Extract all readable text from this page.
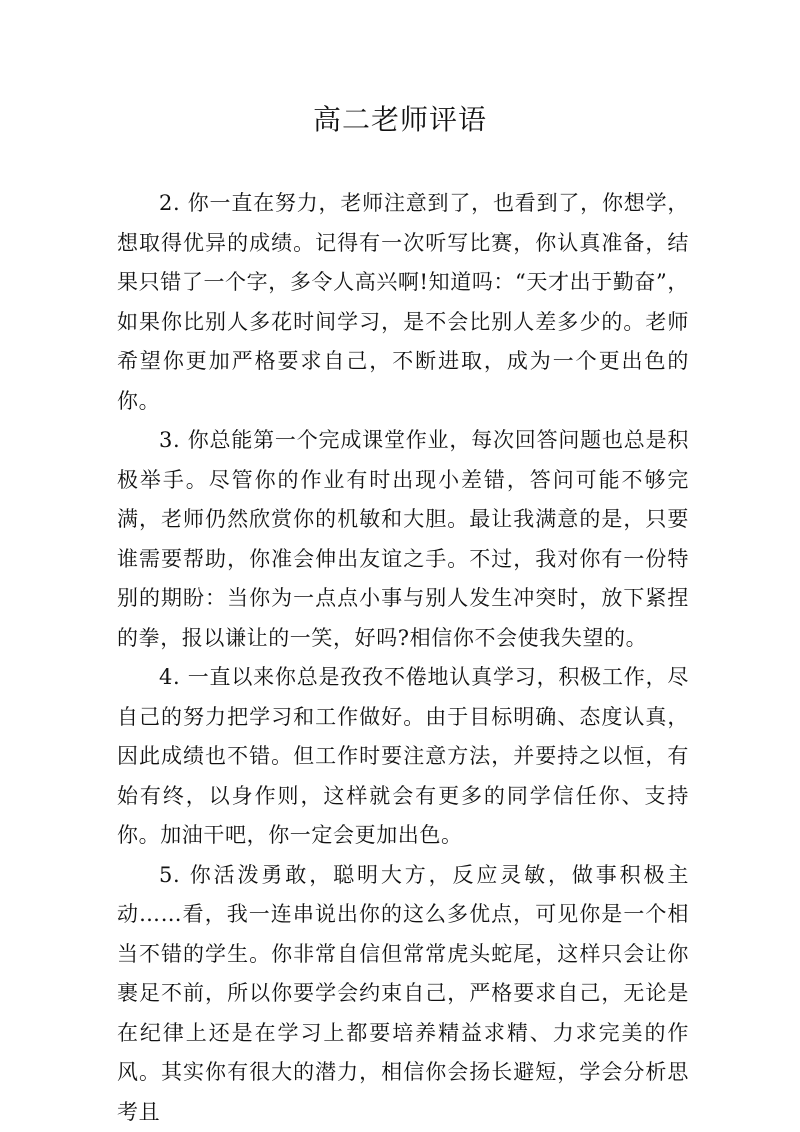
高二老师评语

2. 你一直在努力，老师注意到了，也看到了，你想学，想取得优异的成绩。记得有一次听写比赛，你认真准备，结果只错了一个字，多令人高兴啊!知道吗：“天才出于勤奋”，如果你比别人多花时间学习，是不会比别人差多少的。老师希望你更加严格要求自己，不断进取，成为一个更出色的你。

3. 你总能第一个完成课堂作业，每次回答问题也总是积极举手。尽管你的作业有时出现小差错，答问可能不够完满，老师仍然欣赏你的机敏和大胆。最让我满意的是，只要谁需要帮助，你准会伸出友谊之手。不过，我对你有一份特别的期盼：当你为一点点小事与别人发生冲突时，放下紧捏的拳，报以谦让的一笑，好吗?相信你不会使我失望的。

4. 一直以来你总是孜孜不倦地认真学习，积极工作，尽自己的努力把学习和工作做好。由于目标明确、态度认真，因此成绩也不错。但工作时要注意方法，并要持之以恒，有始有终，以身作则，这样就会有更多的同学信任你、支持你。加油干吧，你一定会更加出色。

5. 你活泼勇敢，聪明大方，反应灵敏，做事积极主动……看，我一连串说出你的这么多优点，可见你是一个相当不错的学生。你非常自信但常常虎头蛇尾，这样只会让你裹足不前，所以你要学会约束自己，严格要求自己，无论是在纪律上还是在学习上都要培养精益求精、力求完美的作风。其实你有很大的潜力，相信你会扬长避短，学会分析思考且
